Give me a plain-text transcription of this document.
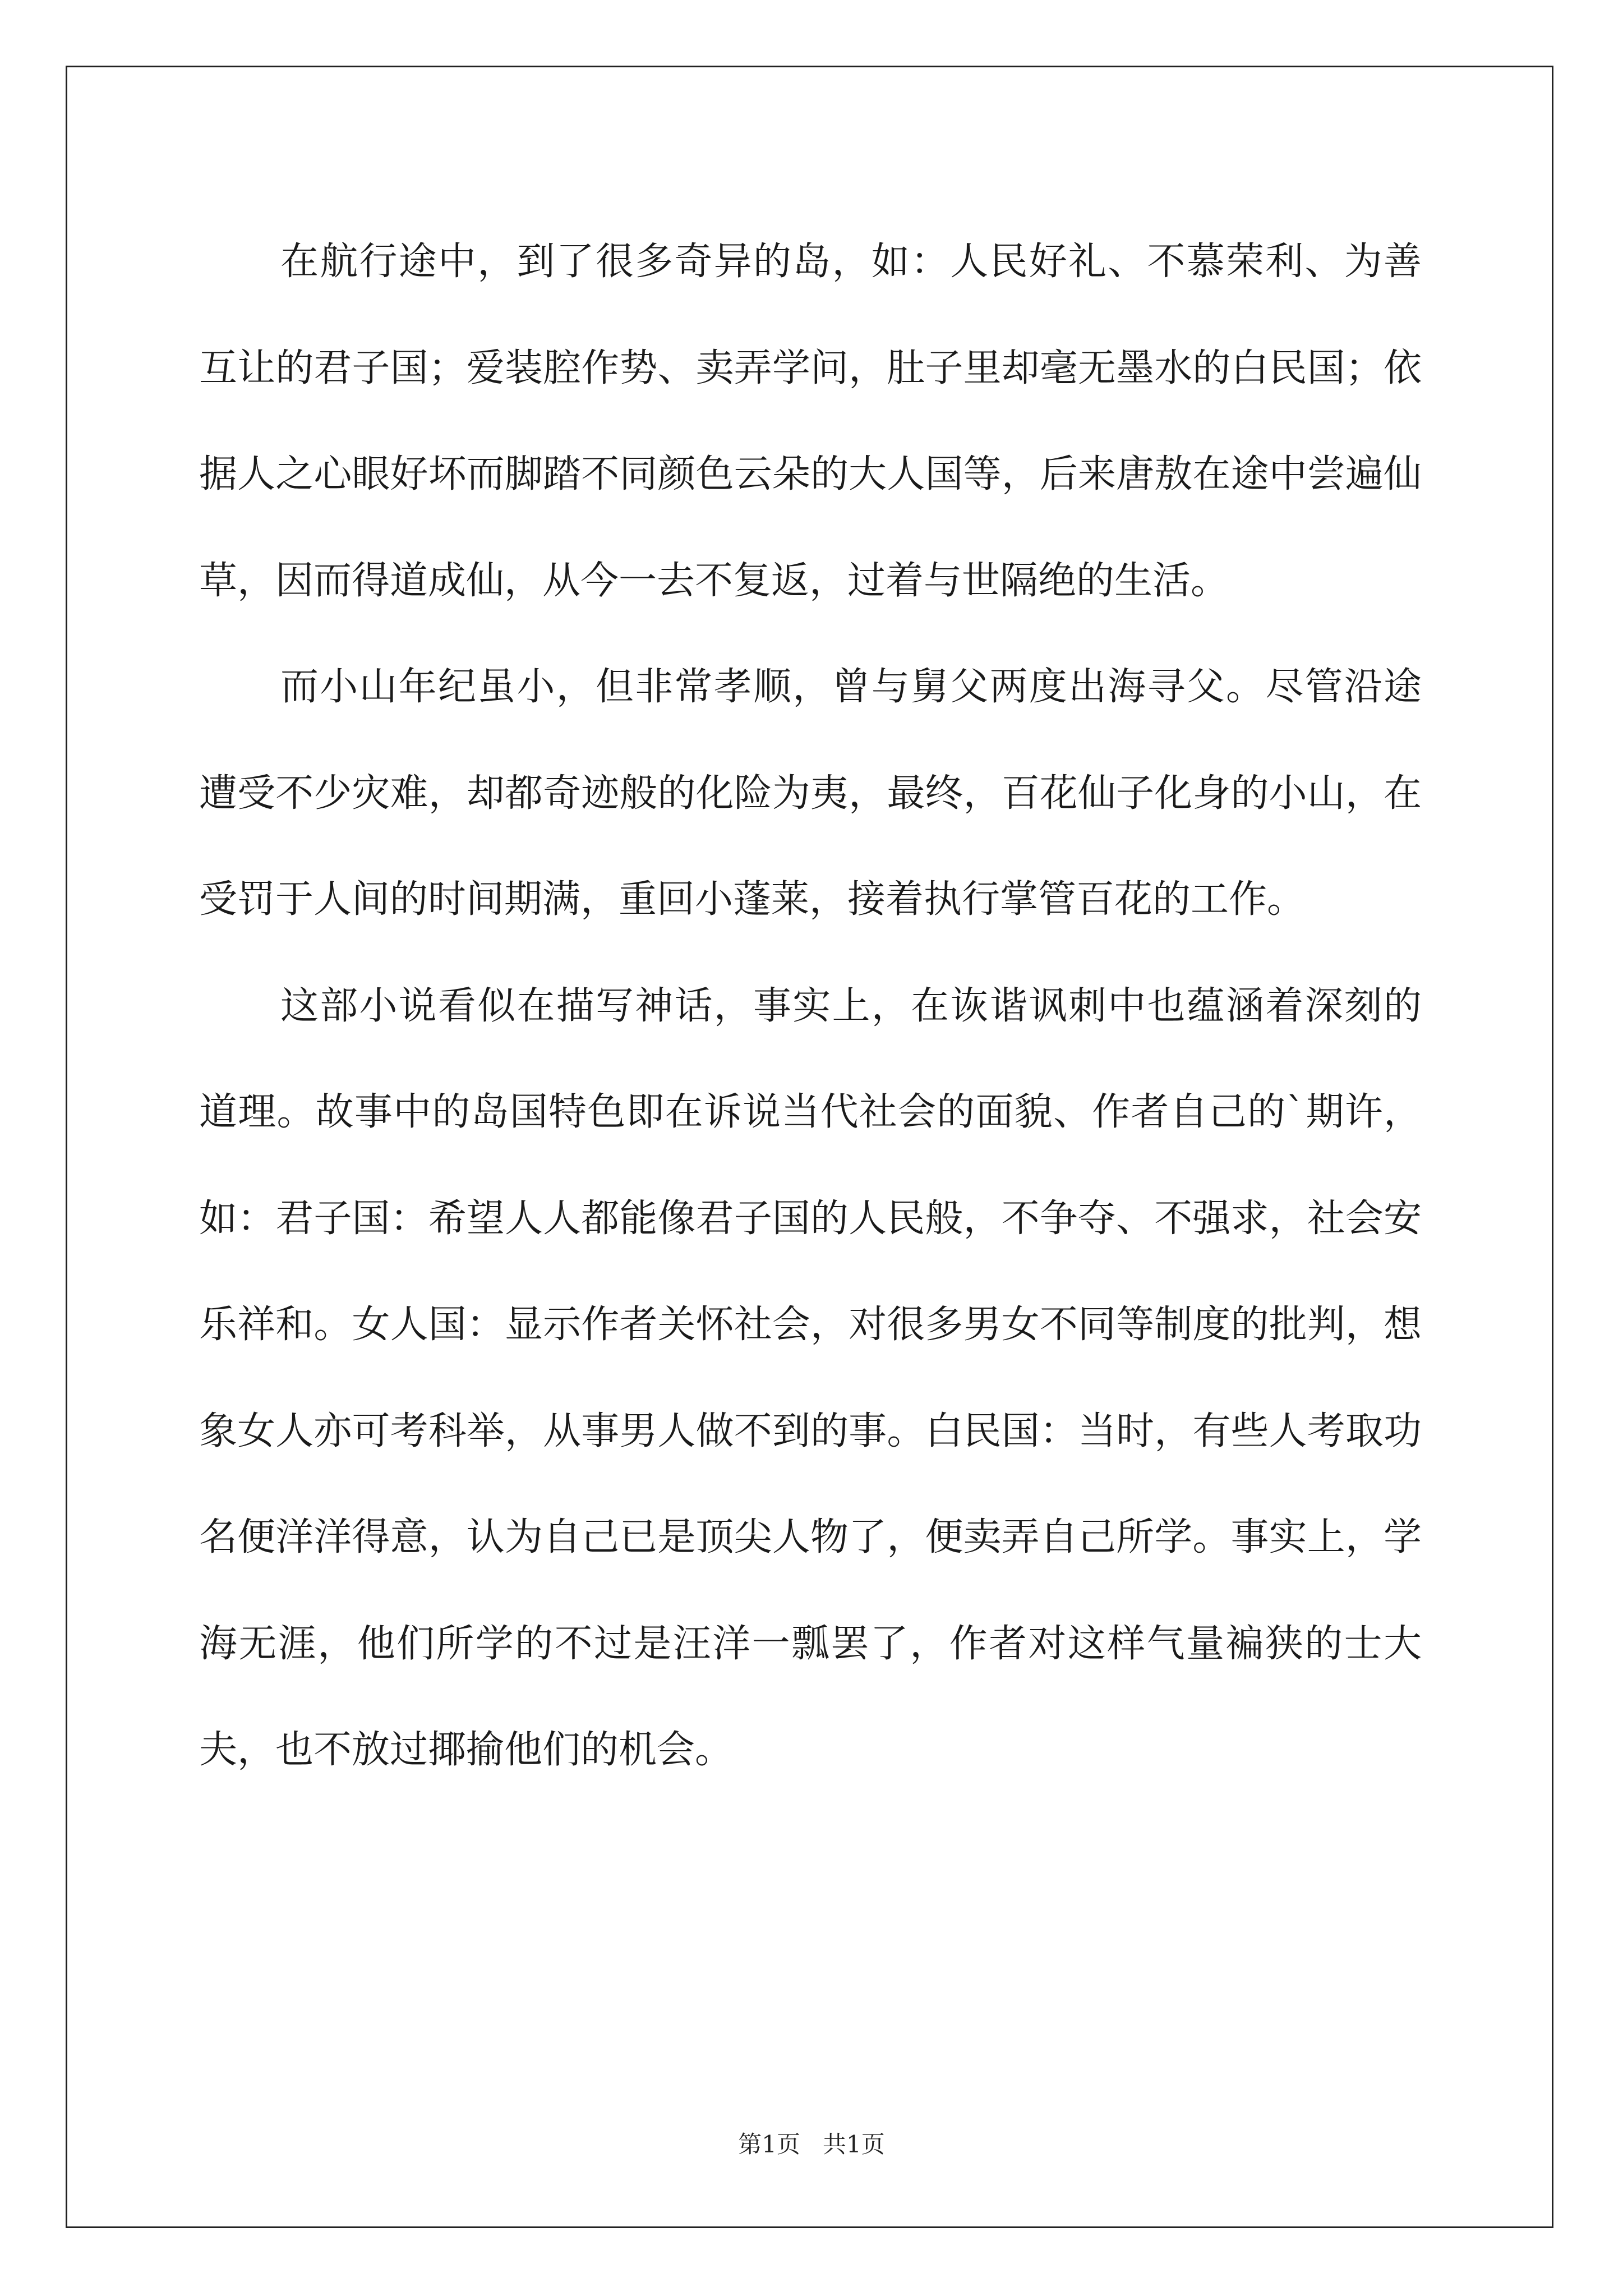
在航行途中，到了很多奇异的岛，如：人民好礼、不慕荣利、为善互让的君子国；爱装腔作势、卖弄学问，肚子里却毫无墨水的白民国；依据人之心眼好坏而脚踏不同颜色云朵的大人国等，后来唐敖在途中尝遍仙草，因而得道成仙，从今一去不复返，过着与世隔绝的生活。

而小山年纪虽小，但非常孝顺，曾与舅父两度出海寻父。尽管沿途遭受不少灾难，却都奇迹般的化险为夷，最终，百花仙子化身的小山，在受罚于人间的时间期满，重回小蓬莱，接着执行掌管百花的工作。

这部小说看似在描写神话，事实上，在诙谐讽刺中也蕴涵着深刻的道理。故事中的岛国特色即在诉说当代社会的面貌、作者自己的`期许，如：君子国：希望人人都能像君子国的人民般，不争夺、不强求，社会安乐祥和。女人国：显示作者关怀社会，对很多男女不同等制度的批判，想象女人亦可考科举，从事男人做不到的事。白民国：当时，有些人考取功名便洋洋得意，认为自己已是顶尖人物了，便卖弄自己所学。事实上，学海无涯，他们所学的不过是汪洋一瓢罢了，作者对这样气量褊狭的士大夫，也不放过揶揄他们的机会。

第1页   共1页
